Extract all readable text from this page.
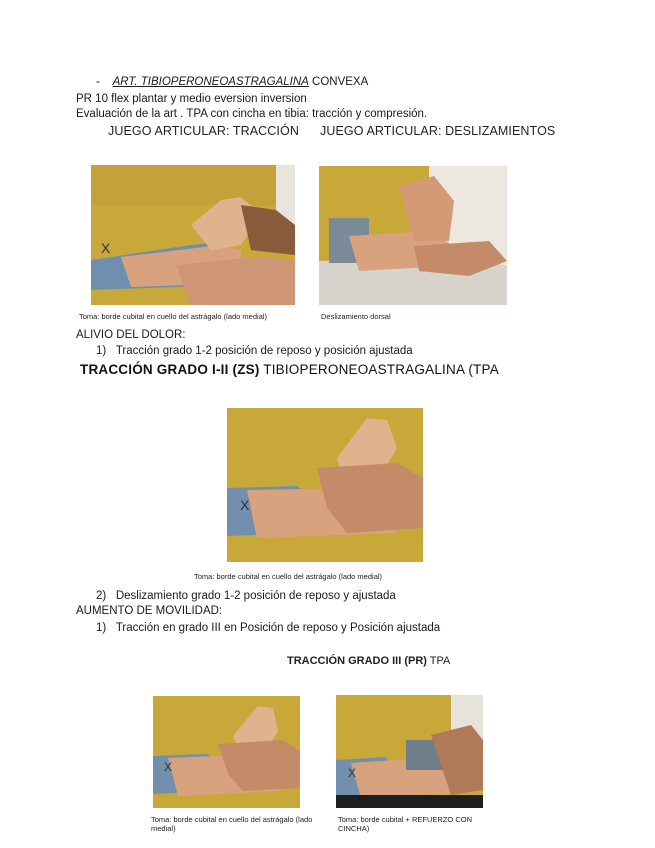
- ART. TIBIOPERONEOASTRAGALINA CONVEXA
PR 10 flex plantar y medio eversion inversion
Evaluación de la art . TPA con cincha en tibia: tracción y compresión.
JUEGO ARTICULAR: TRACCIÓN JUEGO ARTICULAR: DESLIZAMIENTOS
X
Toma: borde cubital en cuello del astrágalo (lado medial)	Deslizamiento dorsal
ALIVIO DEL DOLOR:
1) Tracción grado 1-2 posición de reposo y posición ajustada
TRACCIÓN GRADO I-II (ZS) TIBIOPERONEOASTRAGALINA (TPA
X
Toma: borde cubital en cuello del astrágalo (lado medial)
2) Deslizamiento grado 1-2 posición de reposo y ajustada
AUMENTO DE MOVILIDAD:
1) Tracción en grado III en Posición de reposo y Posición ajustada
TRACCIÓN GRADO III (PR) TPA
X	X
Toma: borde cubital en cuello del astrágalo (lado medial)
Toma: borde cubital + REFUERZO CON CINCHA)
